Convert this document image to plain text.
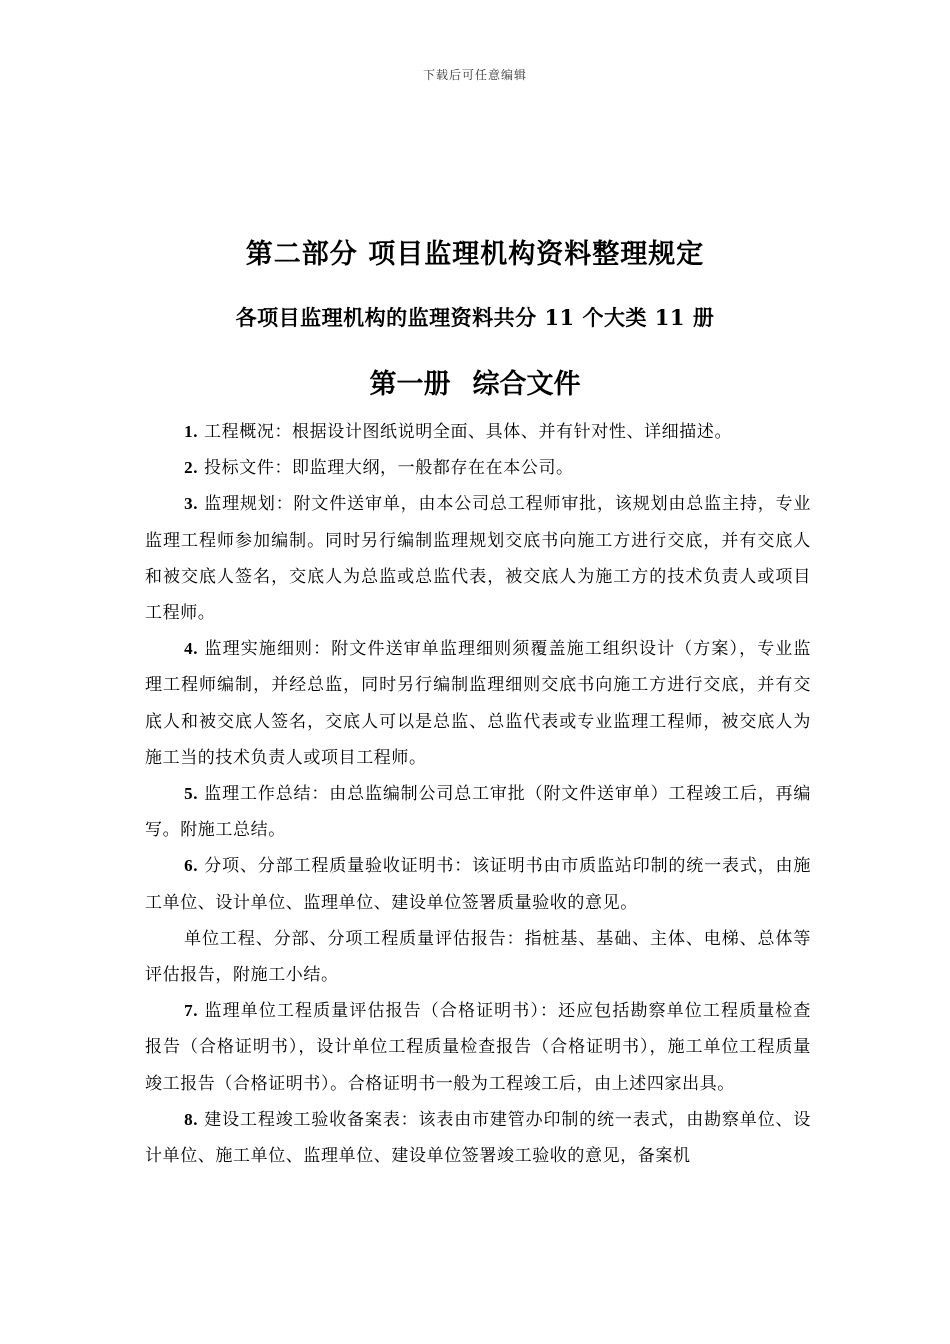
下载后可任意编辑
第二部分 项目监理机构资料整理规定
各项目监理机构的监理资料共分 11 个大类 11 册
第一册 综合文件

1. 工程概况：根据设计图纸说明全面、具体、并有针对性、详细描述。

2. 投标文件：即监理大纲，一般都存在在本公司。

3. 监理规划：附文件送审单，由本公司总工程师审批，该规划由总监主持，专业监理工程师参加编制。同时另行编制监理规划交底书向施工方进行交底，并有交底人和被交底人签名，交底人为总监或总监代表，被交底人为施工方的技术负责人或项目工程师。

4. 监理实施细则：附文件送审单监理细则须覆盖施工组织设计（方案），专业监理工程师编制，并经总监，同时另行编制监理细则交底书向施工方进行交底，并有交底人和被交底人签名，交底人可以是总监、总监代表或专业监理工程师，被交底人为施工当的技术负责人或项目工程师。

5. 监理工作总结：由总监编制公司总工审批（附文件送审单）工程竣工后，再编写。附施工总结。

6. 分项、分部工程质量验收证明书：该证明书由市质监站印制的统一表式，由施工单位、设计单位、监理单位、建设单位签署质量验收的意见。

单位工程、分部、分项工程质量评估报告：指桩基、基础、主体、电梯、总体等评估报告，附施工小结。

7. 监理单位工程质量评估报告（合格证明书）：还应包括勘察单位工程质量检查报告（合格证明书），设计单位工程质量检查报告（合格证明书），施工单位工程质量竣工报告（合格证明书）。合格证明书一般为工程竣工后，由上述四家出具。

8. 建设工程竣工验收备案表：该表由市建管办印制的统一表式，由勘察单位、设计单位、施工单位、监理单位、建设单位签署竣工验收的意见，备案机
